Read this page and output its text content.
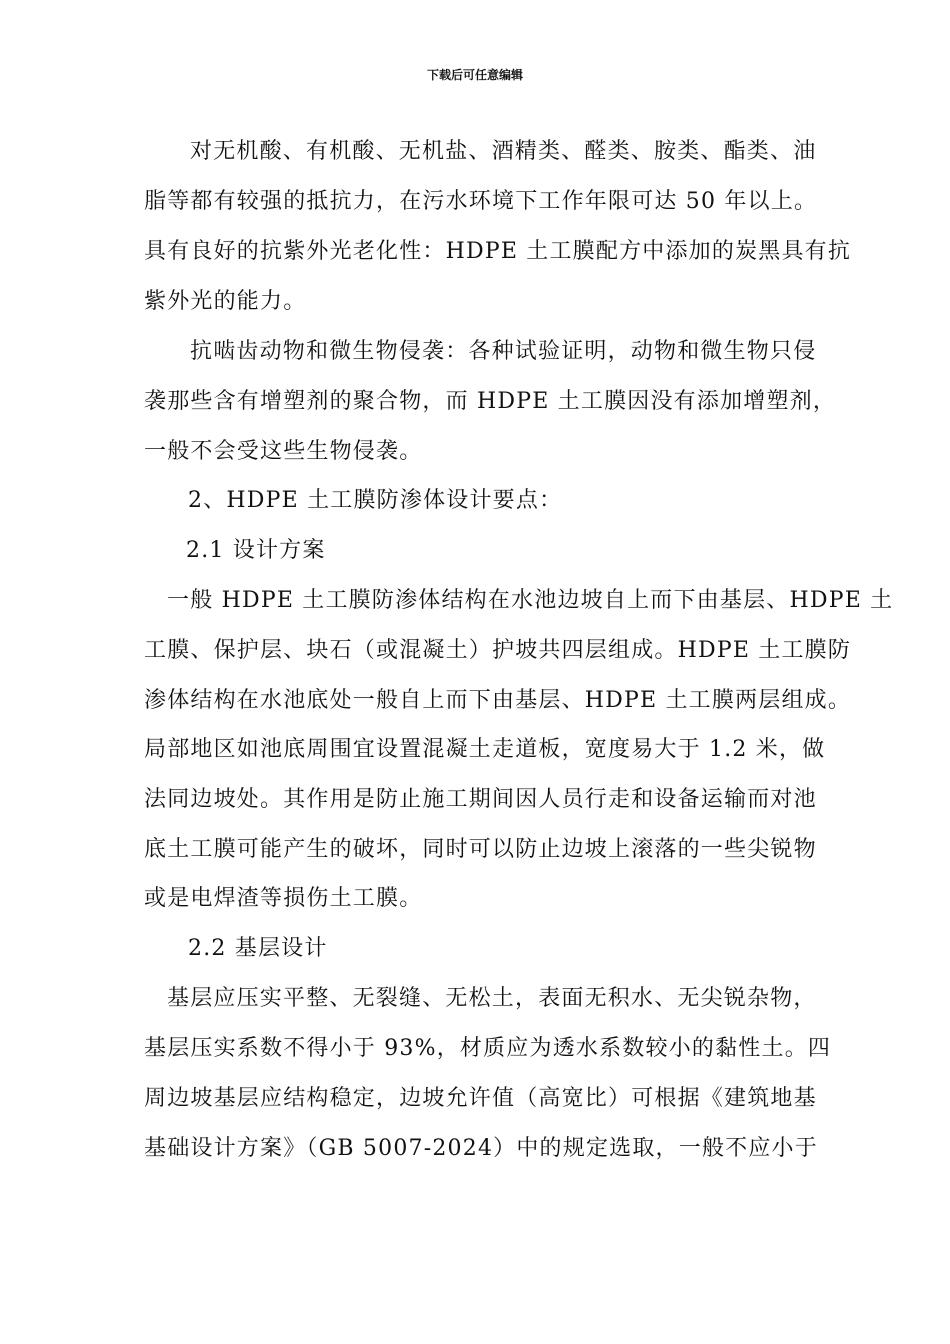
下载后可任意编辑
对无机酸、有机酸、无机盐、酒精类、醛类、胺类、酯类、油
脂等都有较强的抵抗力，在污水环境下工作年限可达 50 年以上。
具有良好的抗紫外光老化性：HDPE 土工膜配方中添加的炭黑具有抗
紫外光的能力。
抗啮齿动物和微生物侵袭：各种试验证明，动物和微生物只侵
袭那些含有增塑剂的聚合物，而 HDPE 土工膜因没有添加增塑剂，
一般不会受这些生物侵袭。
2、HDPE 土工膜防渗体设计要点：
2.1 设计方案
一般 HDPE 土工膜防渗体结构在水池边坡自上而下由基层、HDPE 土
工膜、保护层、块石（或混凝土）护坡共四层组成。HDPE 土工膜防
渗体结构在水池底处一般自上而下由基层、HDPE 土工膜两层组成。
局部地区如池底周围宜设置混凝土走道板，宽度易大于 1.2 米，做
法同边坡处。其作用是防止施工期间因人员行走和设备运输而对池
底土工膜可能产生的破坏，同时可以防止边坡上滚落的一些尖锐物
或是电焊渣等损伤土工膜。
2.2 基层设计
基层应压实平整、无裂缝、无松土，表面无积水、无尖锐杂物，
基层压实系数不得小于 93%，材质应为透水系数较小的黏性土。四
周边坡基层应结构稳定，边坡允许值（高宽比）可根据《建筑地基
基础设计方案》（GB 5007-2024）中的规定选取，一般不应小于
